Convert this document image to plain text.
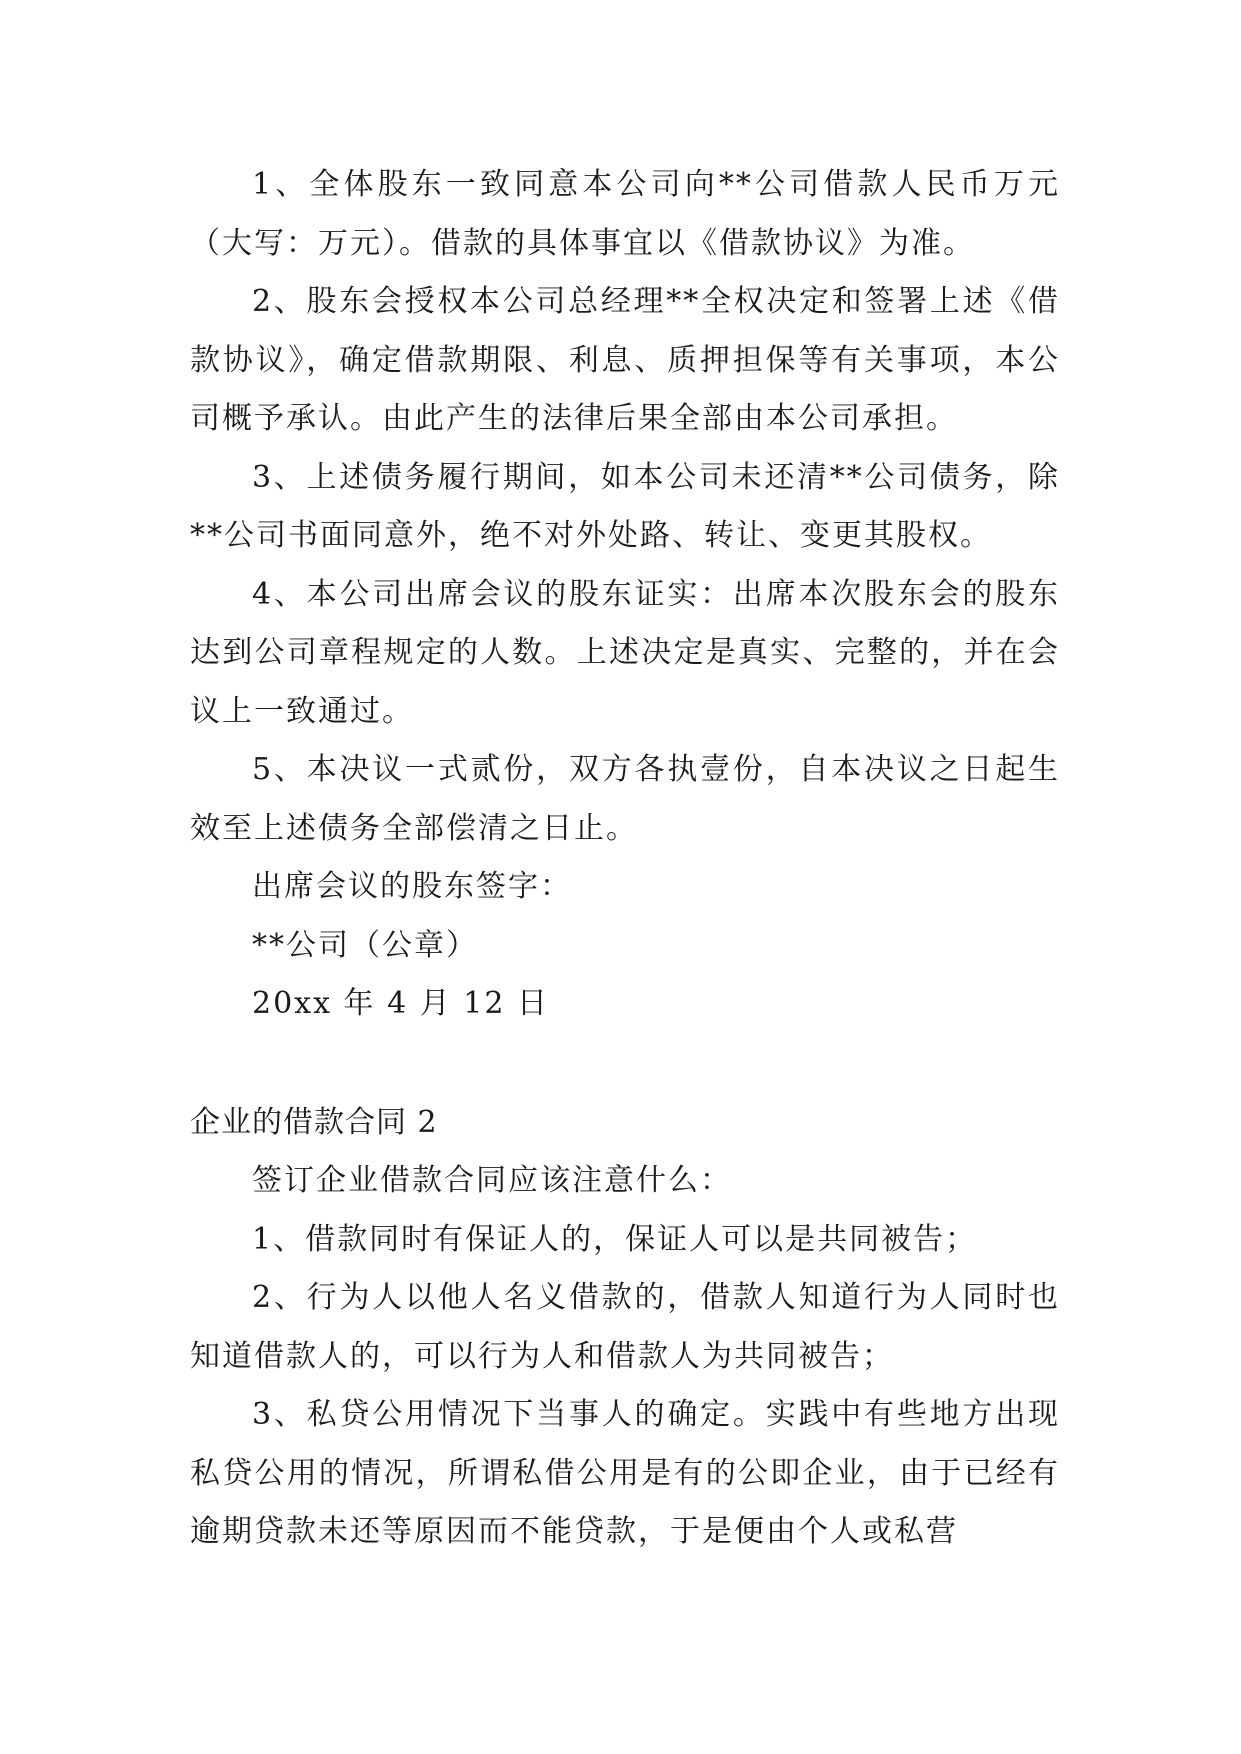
1、全体股东一致同意本公司向**公司借款人民币万元（大写：万元）。借款的具体事宜以《借款协议》为准。

2、股东会授权本公司总经理**全权决定和签署上述《借款协议》，确定借款期限、利息、质押担保等有关事项，本公司概予承认。由此产生的法律后果全部由本公司承担。

3、上述债务履行期间，如本公司未还清**公司债务，除**公司书面同意外，绝不对外处路、转让、变更其股权。

4、本公司出席会议的股东证实：出席本次股东会的股东达到公司章程规定的人数。上述决定是真实、完整的，并在会议上一致通过。

5、本决议一式贰份，双方各执壹份，自本决议之日起生效至上述债务全部偿清之日止。

出席会议的股东签字：
**公司（公章）
20xx 年 4 月 12 日
企业的借款合同 2
签订企业借款合同应该注意什么：

1、借款同时有保证人的，保证人可以是共同被告；

2、行为人以他人名义借款的，借款人知道行为人同时也知道借款人的，可以行为人和借款人为共同被告；

3、私贷公用情况下当事人的确定。实践中有些地方出现私贷公用的情况，所谓私借公用是有的公即企业，由于已经有逾期贷款未还等原因而不能贷款，于是便由个人或私营
